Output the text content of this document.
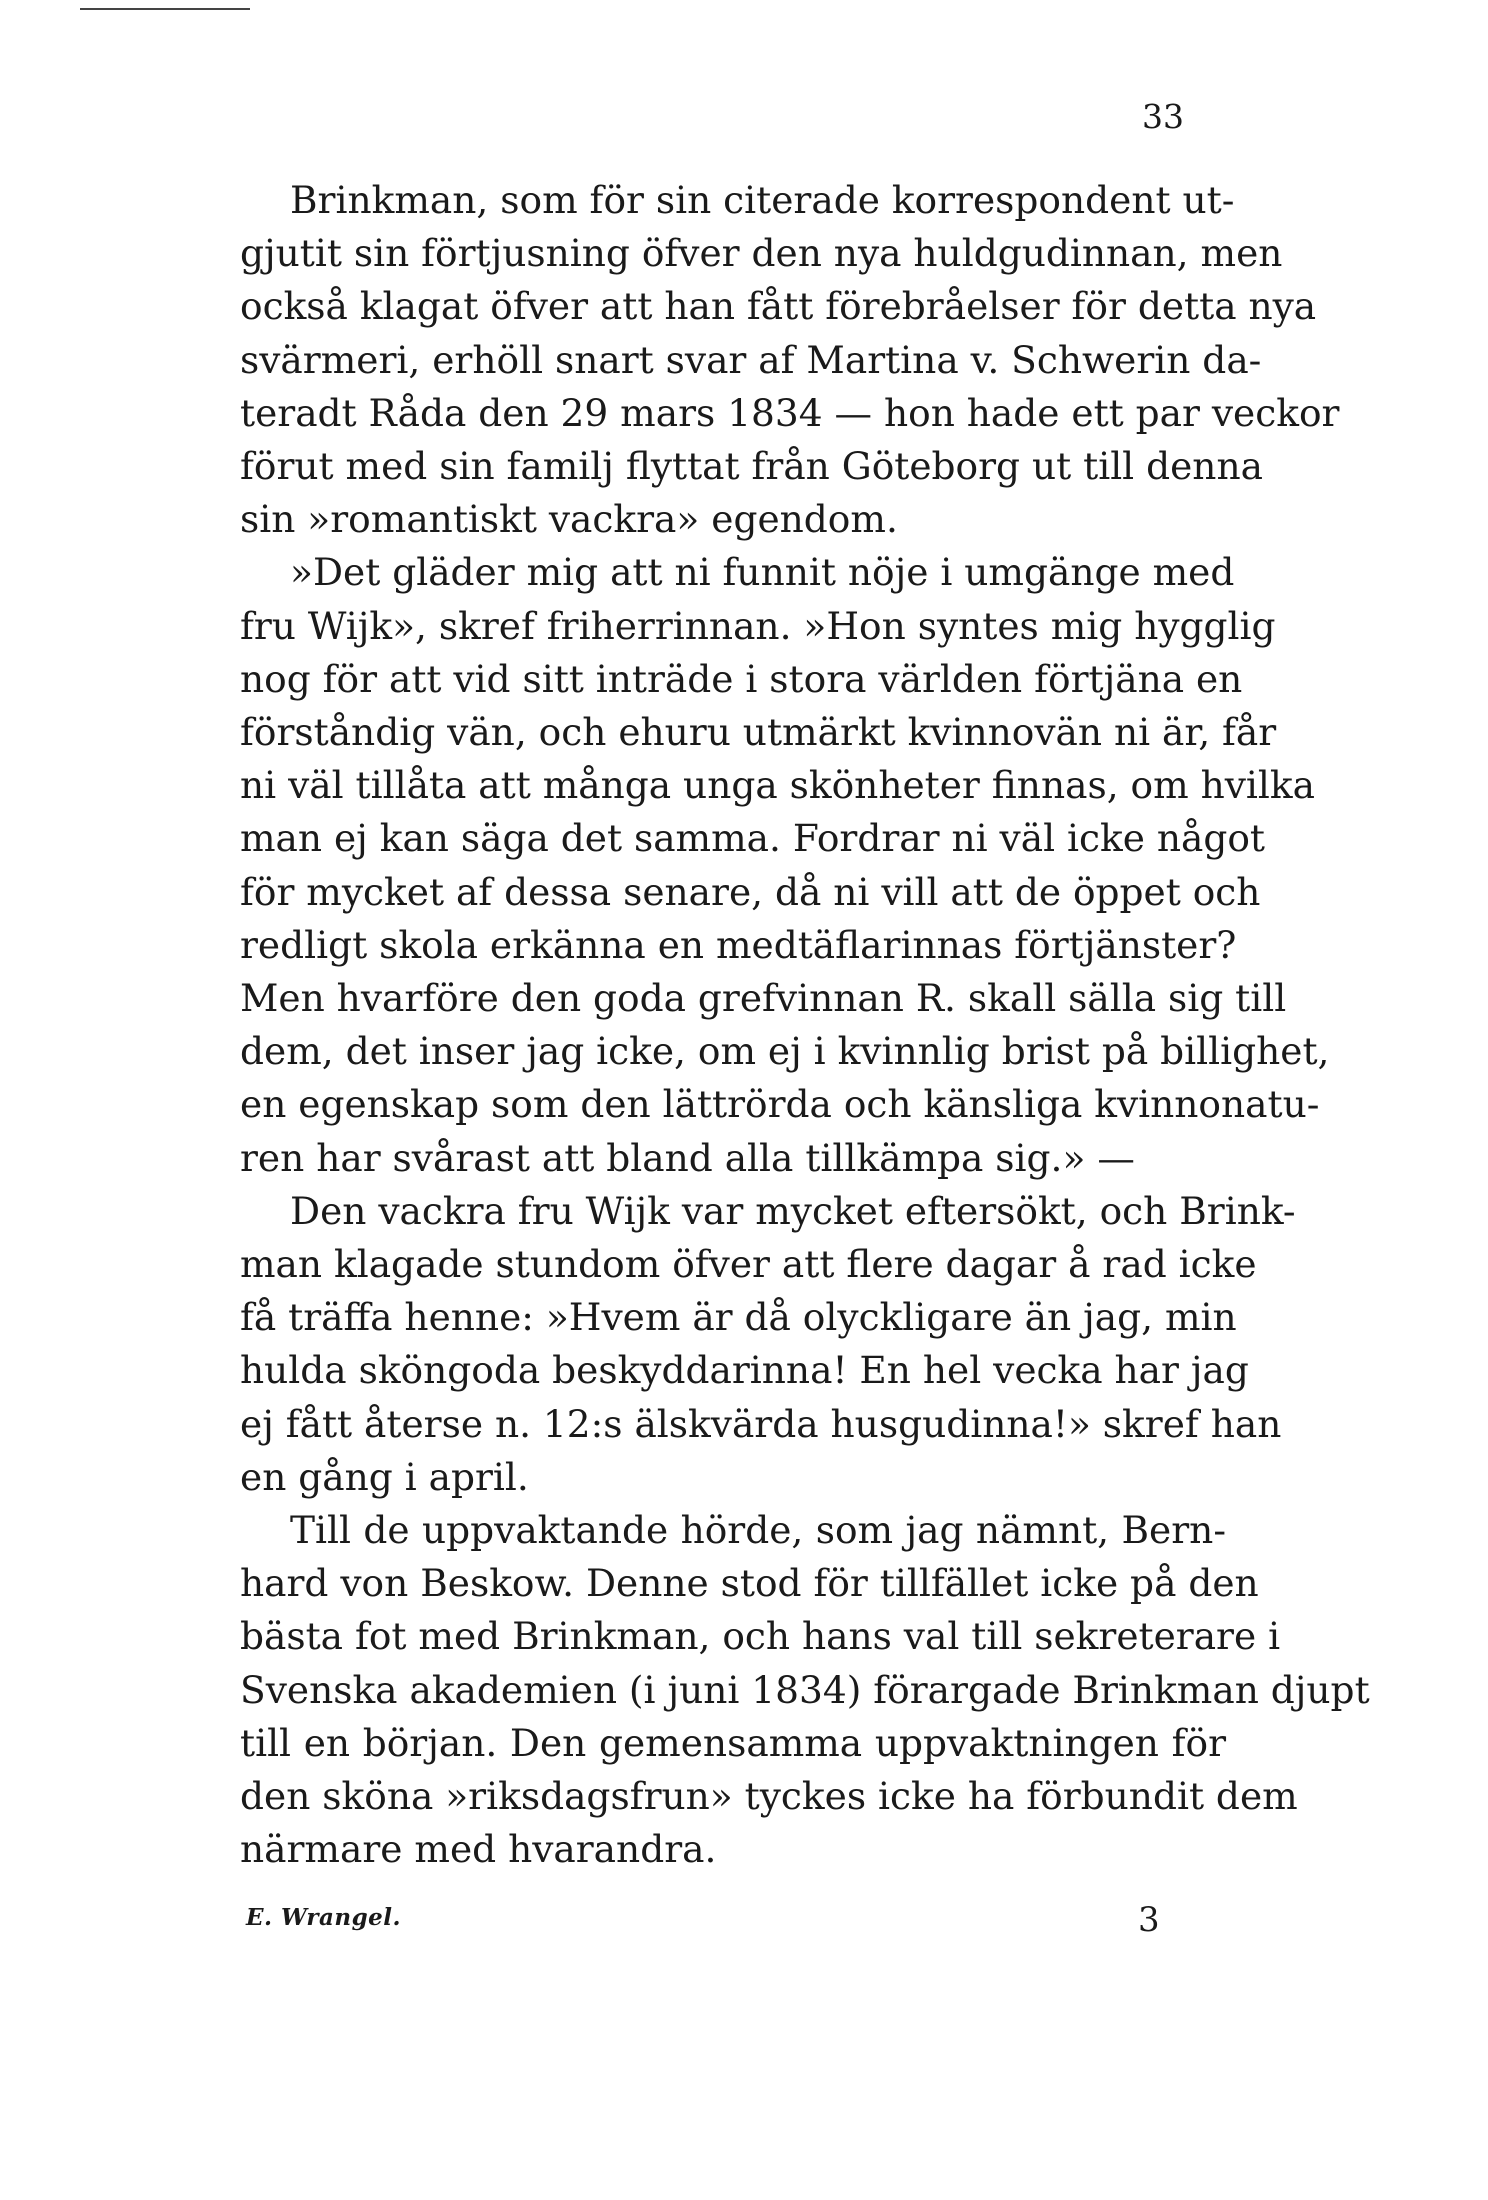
33
Brinkman, som för sin citerade korrespondent ut-
gjutit sin förtjusning öfver den nya huldgudinnan, men
också klagat öfver att han fått förebråelser för detta nya
svärmeri, erhöll snart svar af Martina v. Schwerin da-
teradt Råda den 29 mars 1834 — hon hade ett par veckor
förut med sin familj flyttat från Göteborg ut till denna
sin »romantiskt vackra» egendom.
»Det gläder mig att ni funnit nöje i umgänge med
fru Wijk», skref friherrinnan. »Hon syntes mig hygglig
nog för att vid sitt inträde i stora världen förtjäna en
förståndig vän, och ehuru utmärkt kvinnovän ni är, får
ni väl tillåta att många unga skönheter finnas, om hvilka
man ej kan säga det samma. Fordrar ni väl icke något
för mycket af dessa senare, då ni vill att de öppet och
redligt skola erkänna en medtäflarinnas förtjänster?
Men hvarföre den goda grefvinnan R. skall sälla sig till
dem, det inser jag icke, om ej i kvinnlig brist på billighet,
en egenskap som den lättrörda och känsliga kvinnonatu-
ren har svårast att bland alla tillkämpa sig.» —
Den vackra fru Wijk var mycket eftersökt, och Brink-
man klagade stundom öfver att flere dagar å rad icke
få träffa henne: »Hvem är då olyckligare än jag, min
hulda sköngoda beskyddarinna! En hel vecka har jag
ej fått återse n. 12:s älskvärda husgudinna!» skref han
en gång i april.
Till de uppvaktande hörde, som jag nämnt, Bern-
hard von Beskow. Denne stod för tillfället icke på den
bästa fot med Brinkman, och hans val till sekreterare i
Svenska akademien (i juni 1834) förargade Brinkman djupt
till en början. Den gemensamma uppvaktningen för
den sköna »riksdagsfrun» tyckes icke ha förbundit dem
närmare med hvarandra.
E. Wrangel.	3
